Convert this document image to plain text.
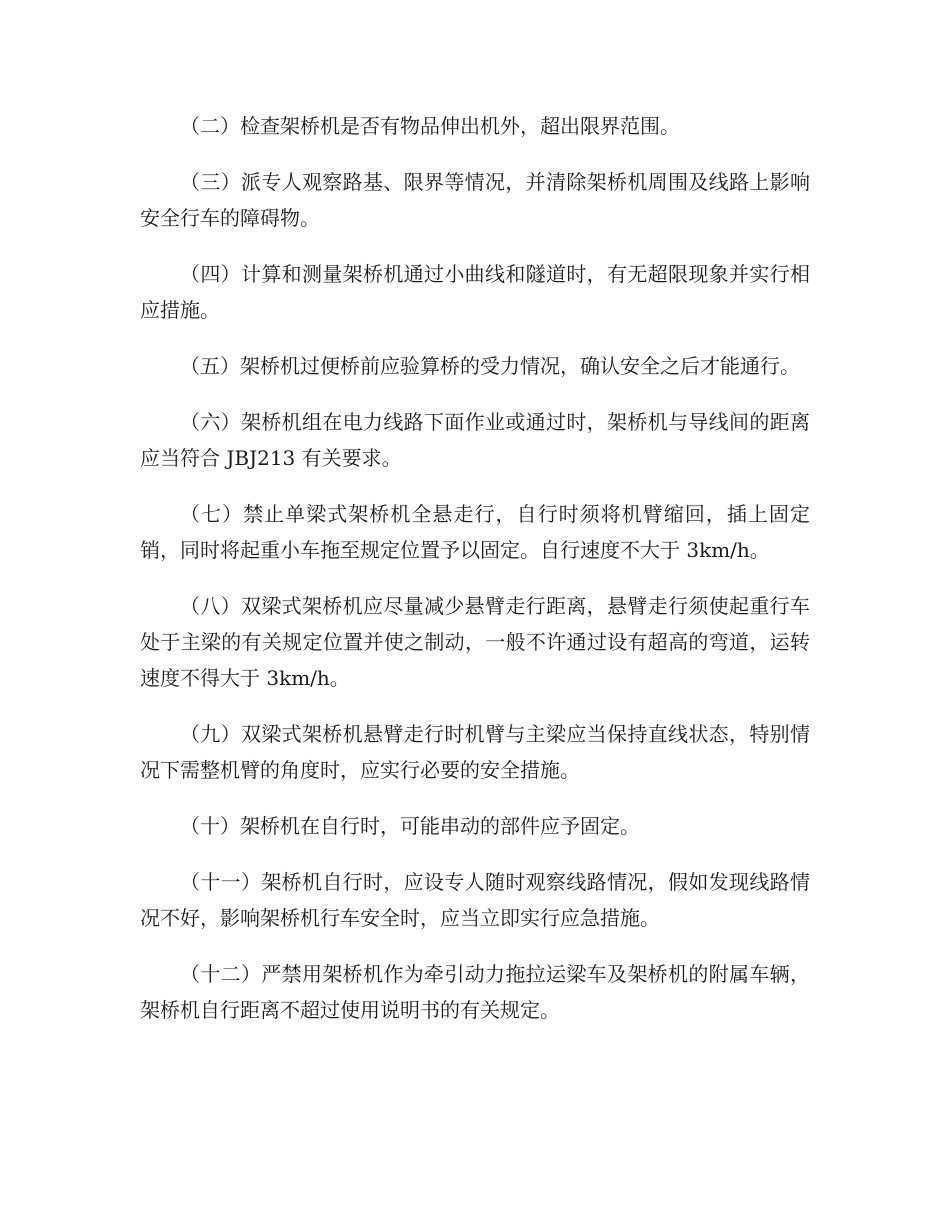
（二）检查架桥机是否有物品伸出机外，超出限界范围。

（三）派专人观察路基、限界等情况，并清除架桥机周围及线路上影响安全行车的障碍物。

（四）计算和测量架桥机通过小曲线和隧道时，有无超限现象并实行相应措施。

（五）架桥机过便桥前应验算桥的受力情况，确认安全之后才能通行。

（六）架桥机组在电力线路下面作业或通过时，架桥机与导线间的距离应当符合 JBJ213 有关要求。

（七）禁止单梁式架桥机全悬走行，自行时须将机臂缩回，插上固定销，同时将起重小车拖至规定位置予以固定。自行速度不大于 3km/h。

（八）双梁式架桥机应尽量减少悬臂走行距离，悬臂走行须使起重行车处于主梁的有关规定位置并使之制动，一般不许通过设有超高的弯道，运转速度不得大于 3km/h。

（九）双梁式架桥机悬臂走行时机臂与主梁应当保持直线状态，特别情况下需整机臂的角度时，应实行必要的安全措施。

（十）架桥机在自行时，可能串动的部件应予固定。

（十一）架桥机自行时，应设专人随时观察线路情况，假如发现线路情况不好，影响架桥机行车安全时，应当立即实行应急措施。

（十二）严禁用架桥机作为牵引动力拖拉运梁车及架桥机的附属车辆，架桥机自行距离不超过使用说明书的有关规定。
